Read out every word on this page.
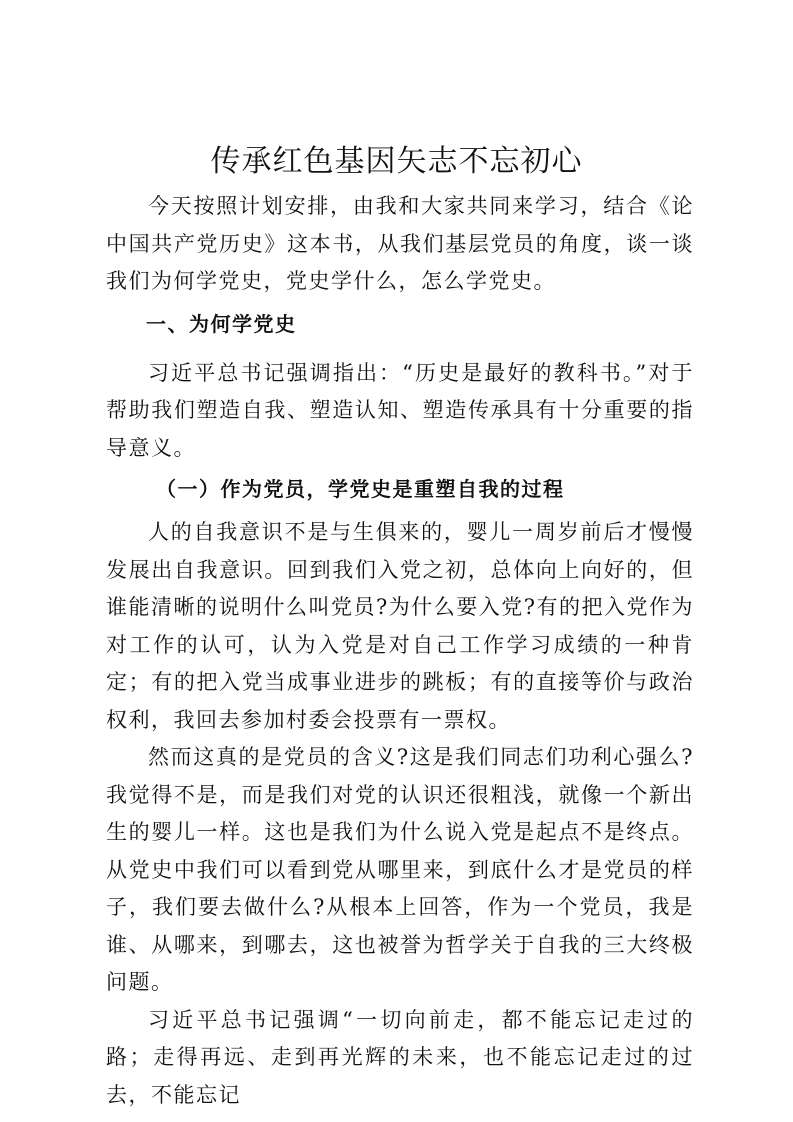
传承红色基因矢志不忘初心

今天按照计划安排，由我和大家共同来学习，结合《论中国共产党历史》这本书，从我们基层党员的角度，谈一谈我们为何学党史，党史学什么，怎么学党史。

一、为何学党史

习近平总书记强调指出：“历史是最好的教科书。”对于帮助我们塑造自我、塑造认知、塑造传承具有十分重要的指导意义。

（一）作为党员，学党史是重塑自我的过程

人的自我意识不是与生俱来的，婴儿一周岁前后才慢慢发展出自我意识。回到我们入党之初，总体向上向好的，但谁能清晰的说明什么叫党员?为什么要入党?有的把入党作为对工作的认可，认为入党是对自己工作学习成绩的一种肯定；有的把入党当成事业进步的跳板；有的直接等价与政治权利，我回去参加村委会投票有一票权。

然而这真的是党员的含义?这是我们同志们功利心强么?我觉得不是，而是我们对党的认识还很粗浅，就像一个新出生的婴儿一样。这也是我们为什么说入党是起点不是终点。从党史中我们可以看到党从哪里来，到底什么才是党员的样子，我们要去做什么?从根本上回答，作为一个党员，我是谁、从哪来，到哪去，这也被誉为哲学关于自我的三大终极问题。

习近平总书记强调“一切向前走，都不能忘记走过的路；走得再远、走到再光辉的未来，也不能忘记走过的过去，不能忘记
